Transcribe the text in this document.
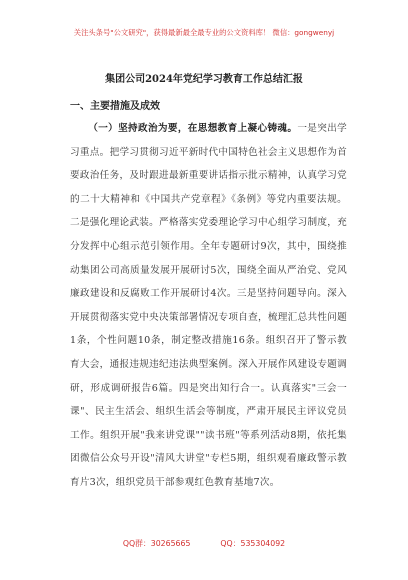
关注头条号"公文研究"，获得最新最全最专业的公文资料库！ 微信：gongwenyj
集团公司2024年党纪学习教育工作总结汇报
一、主要措施及成效

（一）坚持政治为要，在思想教育上凝心铸魂。一是突出学习重点。把学习贯彻习近平新时代中国特色社会主义思想作为首要政治任务，及时跟进最新重要讲话指示批示精神，认真学习党的二十大精神和《中国共产党章程》《条例》等党内重要法规。二是强化理论武装。严格落实党委理论学习中心组学习制度，充分发挥中心组示范引领作用。全年专题研讨9次，其中，围绕推动集团公司高质量发展开展研讨5次，围绕全面从严治党、党风廉政建设和反腐败工作开展研讨4次。三是坚持问题导向。深入开展贯彻落实党中央决策部署情况专项自查，梳理汇总共性问题1条，个性问题10条，制定整改措施16条。组织召开了警示教育大会，通报违规违纪违法典型案例。深入开展作风建设专题调研，形成调研报告6篇。四是突出知行合一。认真落实"三会一课"、民主生活会、组织生活会等制度，严肃开展民主评议党员工作。组织开展"我来讲党课""读书班"等系列活动8期，依托集团微信公众号开设"清风大讲堂"专栏5期，组织观看廉政警示教育片3次，组织党员干部参观红色教育基地7次。

QQ群：30265665	QQ：535304092
